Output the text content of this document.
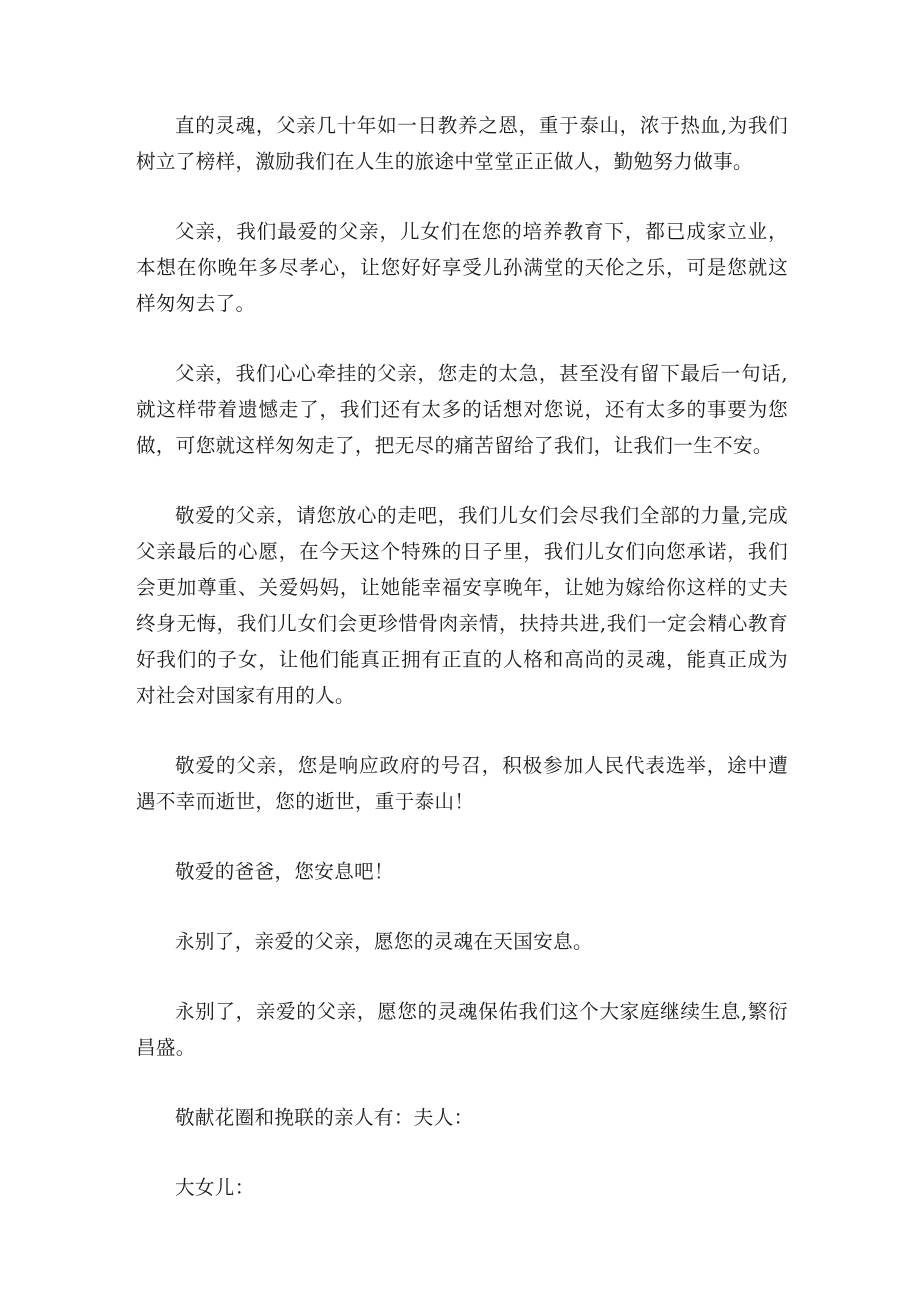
直的灵魂，父亲几十年如一日教养之恩，重于泰山，浓于热血,为我们树立了榜样，激励我们在人生的旅途中堂堂正正做人，勤勉努力做事。

父亲，我们最爱的父亲，儿女们在您的培养教育下，都已成家立业，本想在你晚年多尽孝心，让您好好享受儿孙满堂的天伦之乐，可是您就这样匆匆去了。

父亲，我们心心牵挂的父亲，您走的太急，甚至没有留下最后一句话,就这样带着遗憾走了，我们还有太多的话想对您说，还有太多的事要为您做，可您就这样匆匆走了，把无尽的痛苦留给了我们，让我们一生不安。

敬爱的父亲，请您放心的走吧，我们儿女们会尽我们全部的力量,完成父亲最后的心愿，在今天这个特殊的日子里，我们儿女们向您承诺，我们会更加尊重、关爱妈妈，让她能幸福安享晚年，让她为嫁给你这样的丈夫终身无悔，我们儿女们会更珍惜骨肉亲情，扶持共进,我们一定会精心教育好我们的子女，让他们能真正拥有正直的人格和高尚的灵魂，能真正成为对社会对国家有用的人。

敬爱的父亲，您是响应政府的号召，积极参加人民代表选举，途中遭遇不幸而逝世，您的逝世，重于泰山！

敬爱的爸爸，您安息吧！

永别了，亲爱的父亲，愿您的灵魂在天国安息。

永别了，亲爱的父亲，愿您的灵魂保佑我们这个大家庭继续生息,繁衍昌盛。

敬献花圈和挽联的亲人有：夫人：

大女儿：
